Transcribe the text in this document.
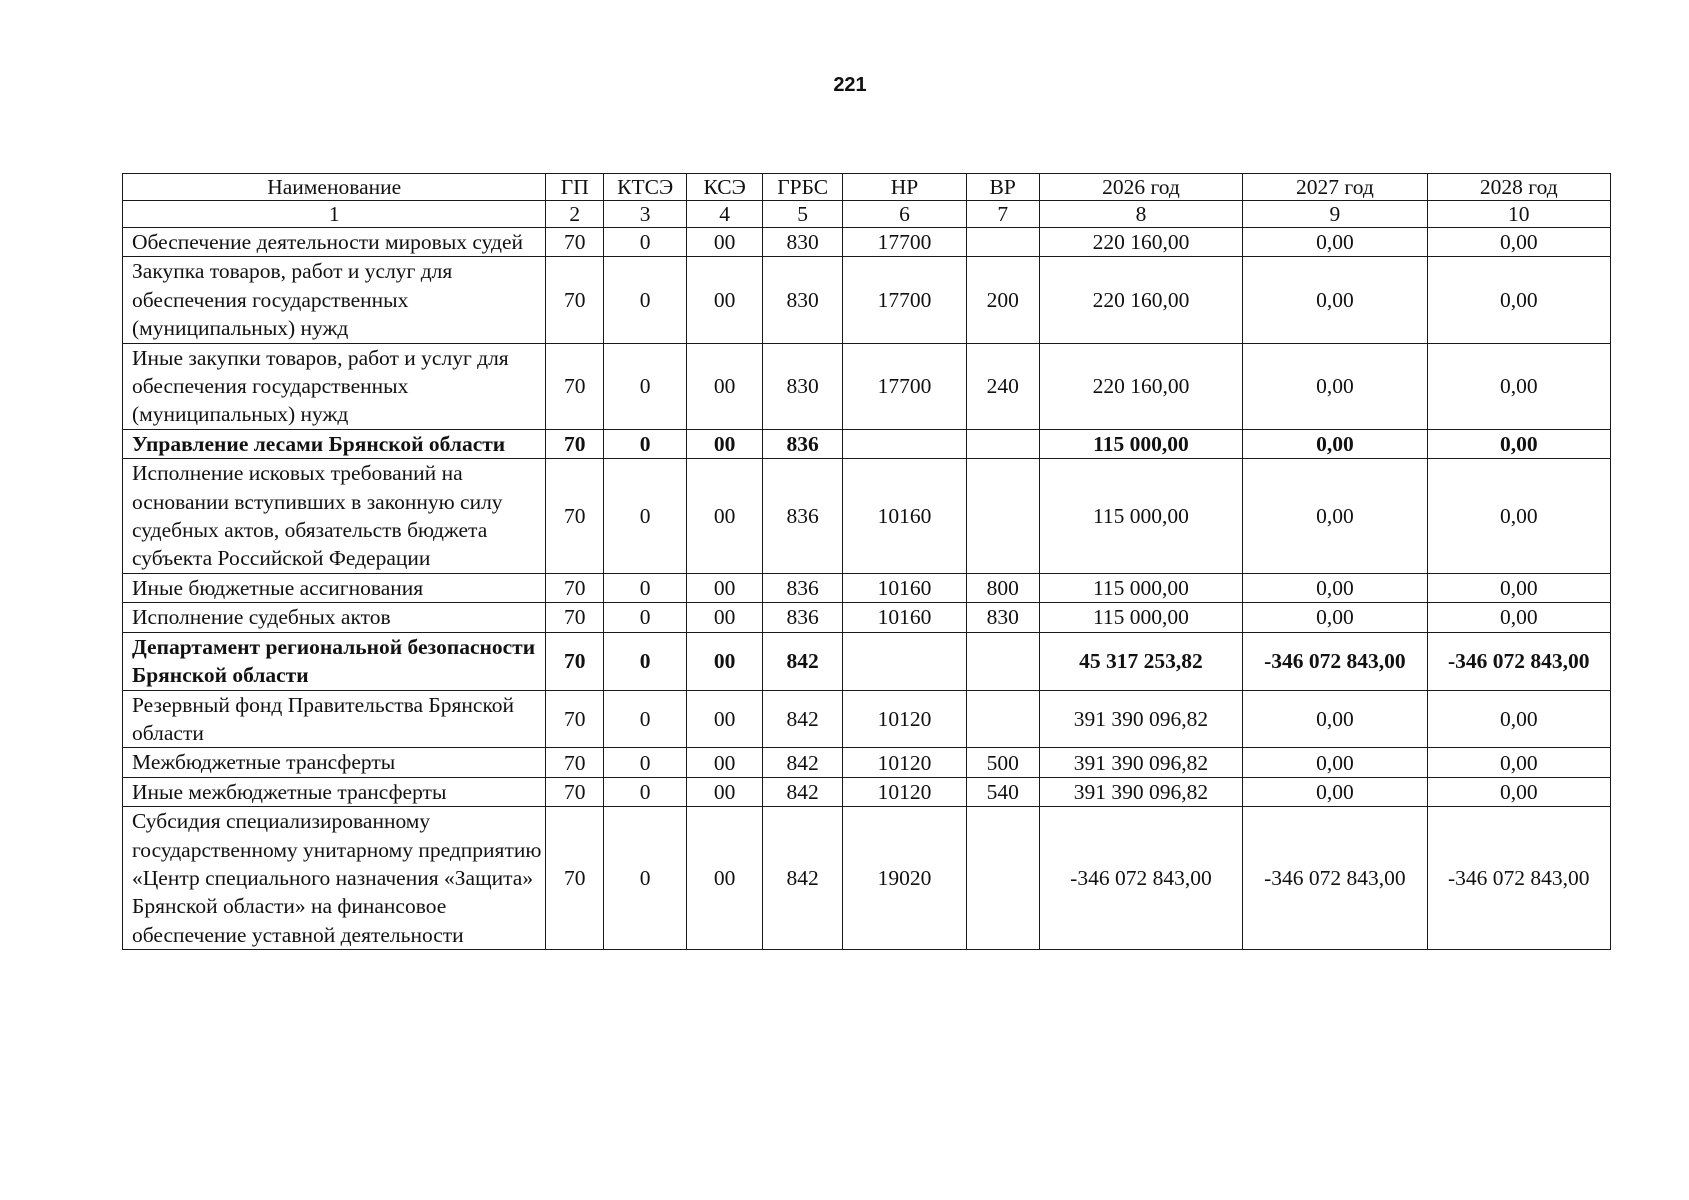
221
Наименование	ГП	КТСЭ	КСЭ	ГРБС	НР	ВР	2026 год	2027 год	2028 год
1	2	3	4	5	6	7	8	9	10
Обеспечение деятельности мировых судей	70	0	00	830	17700		220 160,00	0,00	0,00
Закупка товаров, работ и услуг для обеспечения государственных (муниципальных) нужд	70	0	00	830	17700	200	220 160,00	0,00	0,00
Иные закупки товаров, работ и услуг для обеспечения государственных (муниципальных) нужд	70	0	00	830	17700	240	220 160,00	0,00	0,00
Управление лесами Брянской области	70	0	00	836			115 000,00	0,00	0,00
Исполнение исковых требований на основании вступивших в законную силу судебных актов, обязательств бюджета субъекта Российской Федерации	70	0	00	836	10160		115 000,00	0,00	0,00
Иные бюджетные ассигнования	70	0	00	836	10160	800	115 000,00	0,00	0,00
Исполнение судебных актов	70	0	00	836	10160	830	115 000,00	0,00	0,00
Департамент региональной безопасности Брянской области	70	0	00	842			45 317 253,82	-346 072 843,00	-346 072 843,00
Резервный фонд Правительства Брянской области	70	0	00	842	10120		391 390 096,82	0,00	0,00
Межбюджетные трансферты	70	0	00	842	10120	500	391 390 096,82	0,00	0,00
Иные межбюджетные трансферты	70	0	00	842	10120	540	391 390 096,82	0,00	0,00
Субсидия специализированному государственному унитарному предприятию «Центр специального назначения «Защита» Брянской области» на финансовое обеспечение уставной деятельности	70	0	00	842	19020		-346 072 843,00	-346 072 843,00	-346 072 843,00
